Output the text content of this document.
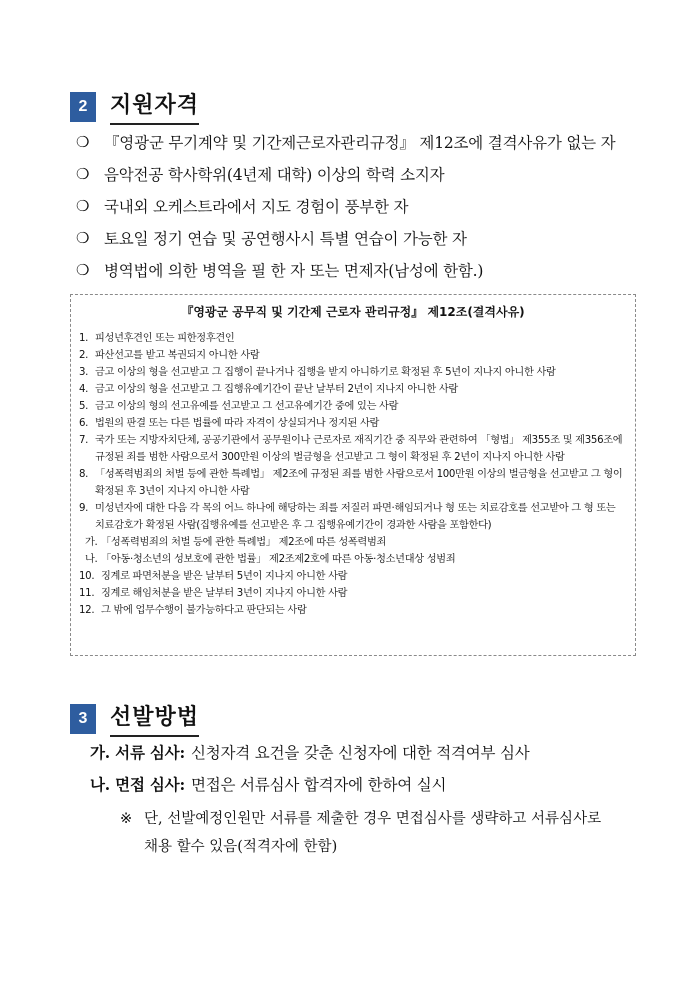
2	지원자격
❍ 『영광군 무기계약 및 기간제근로자관리규정』 제12조에 결격사유가 없는 자
❍ 음악전공 학사학위(4년제 대학) 이상의 학력 소지자
❍ 국내외 오케스트라에서 지도 경험이 풍부한 자
❍ 토요일 정기 연습 및 공연행사시 특별 연습이 가능한 자
❍ 병역법에 의한 병역을 필 한 자 또는 면제자(남성에 한함.)
『영광군 공무직 및 기간제 근로자 관리규정』 제12조(결격사유)
1. 피성년후견인 또는 피한정후견인
2. 파산선고를 받고 복권되지 아니한 사람
3. 금고 이상의 형을 선고받고 그 집행이 끝나거나 집행을 받지 아니하기로 확정된 후 5년이 지나지 아니한 사람
4. 금고 이상의 형을 선고받고 그 집행유예기간이 끝난 날부터 2년이 지나지 아니한 사람
5. 금고 이상의 형의 선고유예를 선고받고 그 선고유예기간 중에 있는 사람
6. 법원의 판결 또는 다른 법률에 따라 자격이 상실되거나 정지된 사람
7. 국가 또는 지방자치단체, 공공기관에서 공무원이나 근로자로 재직기간 중 직무와 관련하여 「형법」 제355조 및 제356조에 규정된 죄를 범한 사람으로서 300만원 이상의 벌금형을 선고받고 그 형이 확정된 후 2년이 지나지 아니한 사람
8. 「성폭력범죄의 처벌 등에 관한 특례법」 제2조에 규정된 죄를 범한 사람으로서 100만원 이상의 벌금형을 선고받고 그 형이 확정된 후 3년이 지나지 아니한 사람
9. 미성년자에 대한 다음 각 목의 어느 하나에 해당하는 죄를 저질러 파면·해임되거나 형 또는 치료감호를 선고받아 그 형 또는 치료감호가 확정된 사람(집행유예를 선고받은 후 그 집행유예기간이 경과한 사람을 포함한다)
가. 「성폭력범죄의 처벌 등에 관한 특례법」 제2조에 따른 성폭력범죄
나. 「아동·청소년의 성보호에 관한 법률」 제2조제2호에 따른 아동·청소년대상 성범죄
10. 징계로 파면처분을 받은 날부터 5년이 지나지 아니한 사람
11. 징계로 해임처분을 받은 날부터 3년이 지나지 아니한 사람
12. 그 밖에 업무수행이 불가능하다고 판단되는 사람
3	선발방법
가. 서류 심사: 신청자격 요건을 갖춘 신청자에 대한 적격여부 심사
나. 면접 심사: 면접은 서류심사 합격자에 한하여 실시
※ 단, 선발예정인원만 서류를 제출한 경우 면접심사를 생략하고 서류심사로
채용 할수 있음(적격자에 한함)
